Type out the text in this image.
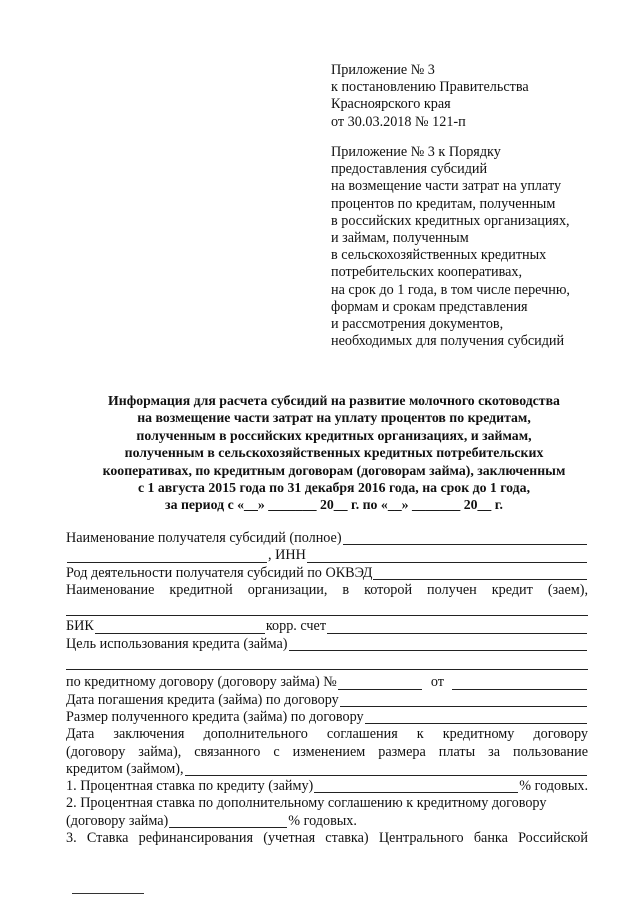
Приложение № 3
к постановлению Правительства
Красноярского края
от 30.03.2018 № 121-п
Приложение № 3 к Порядку
предоставления субсидий
на возмещение части затрат на уплату
процентов по кредитам, полученным
в российских кредитных организациях,
и займам, полученным
в сельскохозяйственных кредитных
потребительских кооперативах,
на срок до 1 года, в том числе перечню,
формам и срокам представления
и рассмотрения документов,
необходимых для получения субсидий
Информация для расчета субсидий на развитие молочного скотоводства
на возмещение части затрат на уплату процентов по кредитам,
полученным в российских кредитных организациях, и займам,
полученным в сельскохозяйственных кредитных потребительских
кооперативах, по кредитным договорам (договорам займа), заключенным
с 1 августа 2015 года по 31 декабря 2016 года, на срок до 1 года,
за период с «__» _______ 20__ г. по «__» _______ 20__ г.
Наименование получателя субсидий (полное)
, ИНН
Род деятельности получателя субсидий по ОКВЭД
Наименование кредитной организации, в которой получен кредит (заем),
БИК	корр. счет
Цель использования кредита (займа)
по кредитному договору (договору займа) №	от
Дата погашения кредита (займа) по договору
Размер полученного кредита (займа) по договору
Дата заключения дополнительного соглашения к кредитному договору
(договору займа), связанного с изменением размера платы за пользование
кредитом (займом),
1. Процентная ставка по кредиту (займу)	% годовых.
2. Процентная ставка по дополнительному соглашению к кредитному договору
(договору займа)	% годовых.
3. Ставка рефинансирования (учетная ставка) Центрального банка Российской
